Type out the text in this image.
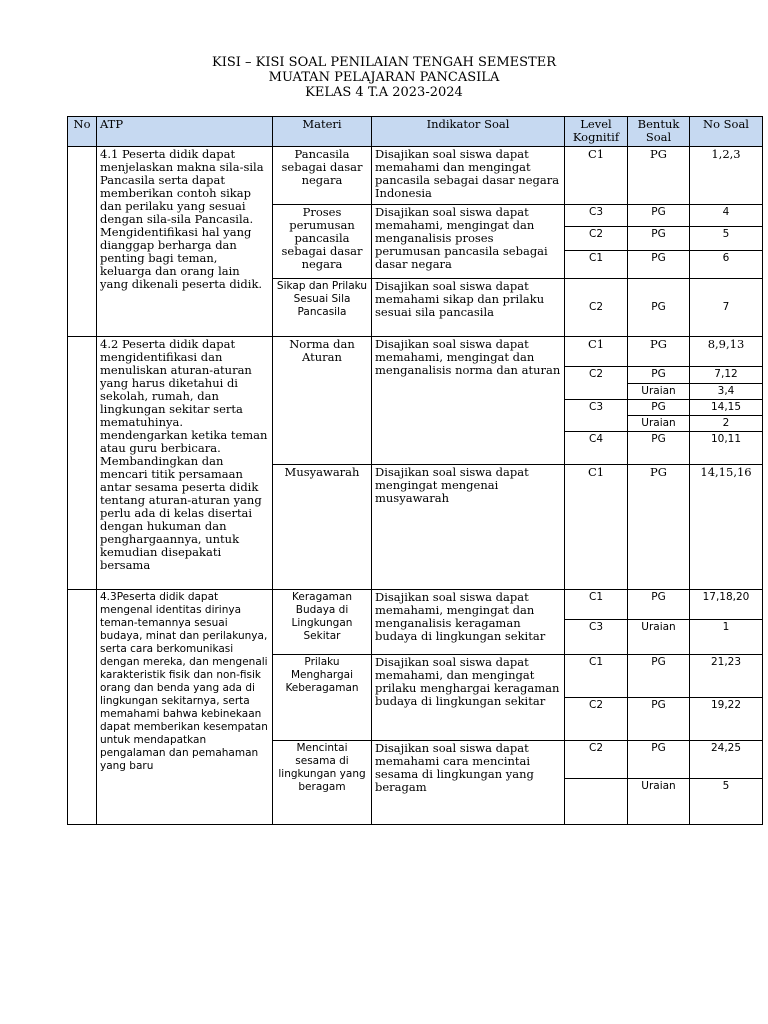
KISI – KISI SOAL PENILAIAN TENGAH SEMESTER
MUATAN PELAJARAN PANCASILA
KELAS 4 T.A 2023-2024
No	ATP	Materi	Indikator Soal	Level Kognitif	Bentuk Soal	No Soal
	4.1 Peserta didik dapat menjelaskan makna sila-sila Pancasila serta dapat memberikan contoh sikap dan perilaku yang sesuai dengan sila-sila Pancasila. Mengidentifikasi hal yang dianggap berharga dan penting bagi teman, keluarga dan orang lain yang dikenali peserta didik.	Pancasila sebagai dasar negara	Disajikan soal siswa dapat memahami dan mengingat pancasila sebagai dasar negara Indonesia	C1	PG	1,2,3
		Proses perumusan pancasila sebagai dasar negara	Disajikan soal siswa dapat memahami, mengingat dan menganalisis proses perumusan pancasila sebagai dasar negara	C3	PG	4
				C2	PG	5
				C1	PG	6
		Sikap dan Prilaku Sesuai Sila Pancasila	Disajikan soal siswa dapat memahami sikap dan prilaku sesuai sila pancasila	C2	PG	7
	4.2 Peserta didik dapat mengidentifikasi dan menuliskan aturan-aturan yang harus diketahui di sekolah, rumah, dan lingkungan sekitar serta mematuhinya. mendengarkan ketika teman atau guru berbicara. Membandingkan dan mencari titik persamaan antar sesama peserta didik tentang aturan-aturan yang perlu ada di kelas disertai dengan hukuman dan penghargaannya, untuk kemudian disepakati bersama	Norma dan Aturan	Disajikan soal siswa dapat memahami, mengingat dan menganalisis norma dan aturan	C1	PG	8,9,13
				C2	PG	7,12
					Uraian	3,4
				C3	PG	14,15
					Uraian	2
				C4	PG	10,11
		Musyawarah	Disajikan soal siswa dapat mengingat mengenai musyawarah	C1	PG	14,15,16
	4.3Peserta didik dapat mengenal identitas dirinya teman-temannya sesuai budaya, minat dan perilakunya, serta cara berkomunikasi dengan mereka, dan mengenali karakteristik fisik dan non-fisik orang dan benda yang ada di lingkungan sekitarnya, serta memahami bahwa kebinekaan dapat memberikan kesempatan untuk mendapatkan pengalaman dan pemahaman yang baru	Keragaman Budaya di Lingkungan Sekitar	Disajikan soal siswa dapat memahami, mengingat dan menganalisis keragaman budaya di lingkungan sekitar	C1	PG	17,18,20
				C3	Uraian	1
		Prilaku Menghargai Keberagaman	Disajikan soal siswa dapat memahami, dan mengingat prilaku menghargai keragaman budaya di lingkungan sekitar	C1	PG	21,23
				C2	PG	19,22
		Mencintai sesama di lingkungan yang beragam	Disajikan soal siswa dapat memahami cara mencintai sesama di lingkungan yang beragam	C2	PG	24,25
					Uraian	5
